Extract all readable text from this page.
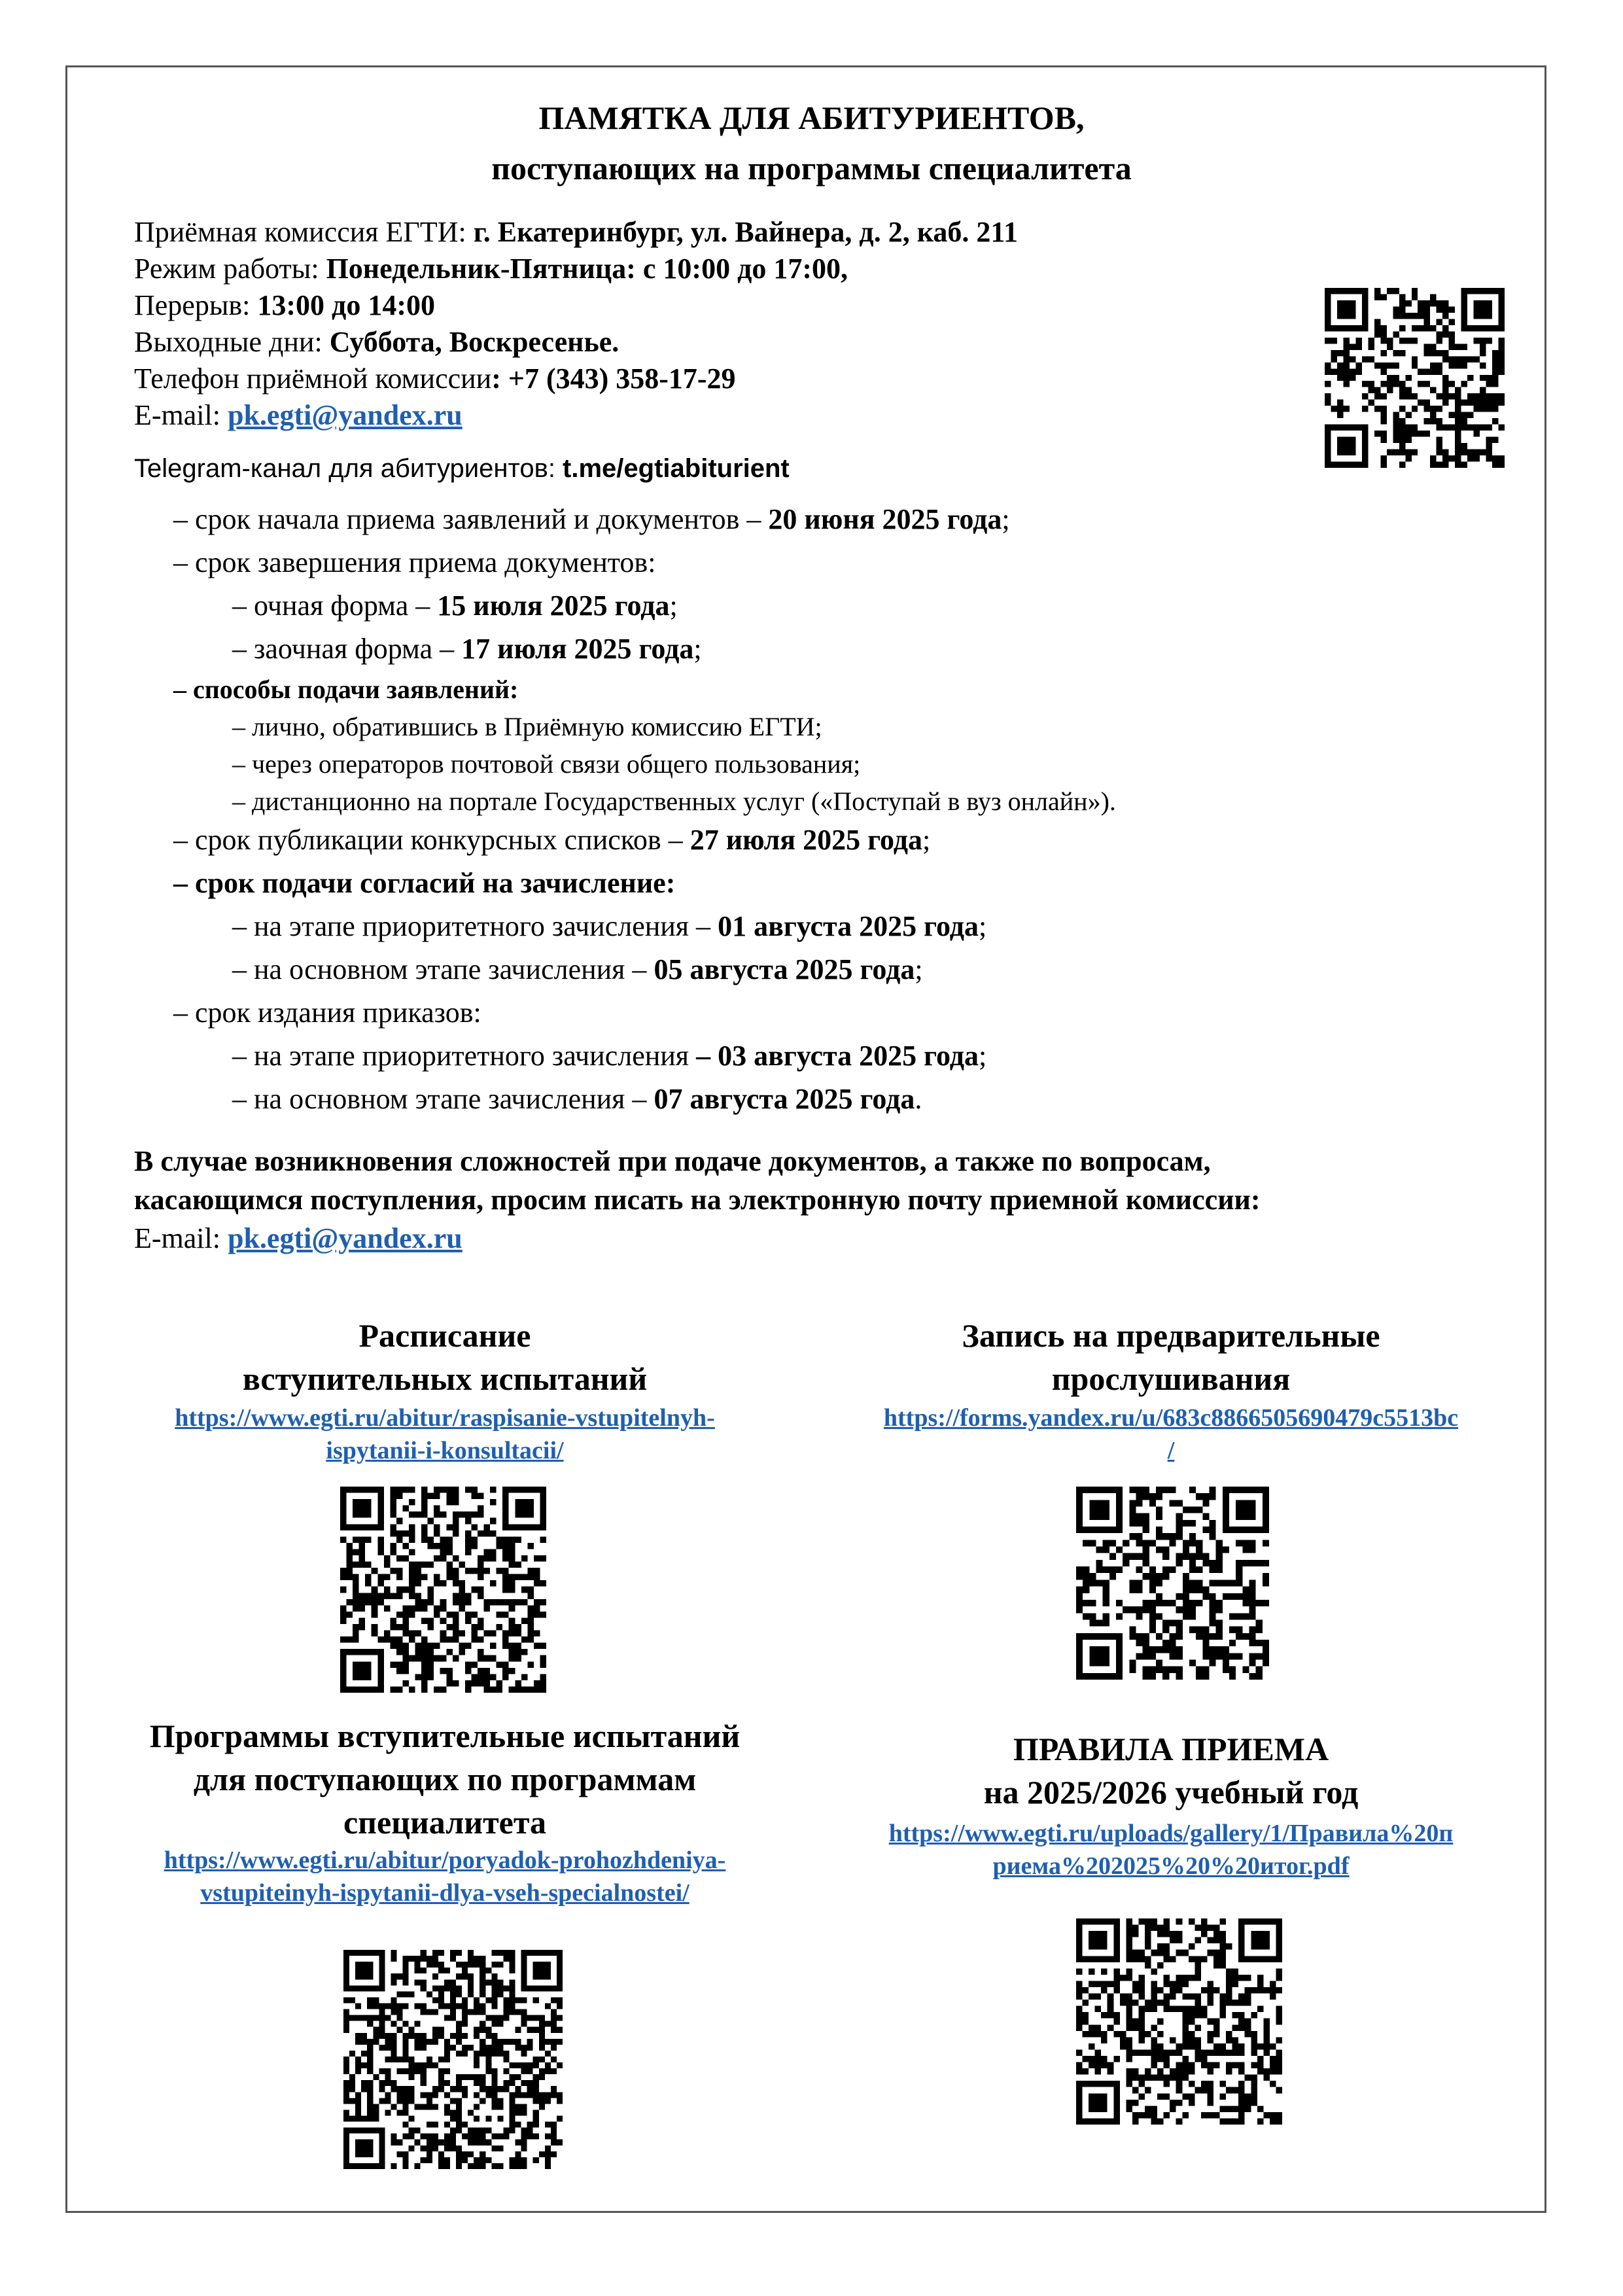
ПАМЯТКА ДЛЯ АБИТУРИЕНТОВ,
поступающих на программы специалитета
Приёмная комиссия ЕГТИ: г. Екатеринбург, ул. Вайнера, д. 2, каб. 211
Режим работы: Понедельник-Пятница: с 10:00 до 17:00,
Перерыв: 13:00 до 14:00
Выходные дни: Суббота, Воскресенье.
Телефон приёмной комиссии: +7 (343) 358-17-29
E-mail: pk.egti@yandex.ru
Telegram-канал для абитуриентов: t.me/egtiabiturient
– срок начала приема заявлений и документов – 20 июня 2025 года;
– срок завершения приема документов:
– очная форма – 15 июля 2025 года;
– заочная форма – 17 июля 2025 года;
– способы подачи заявлений:
– лично, обратившись в Приёмную комиссию ЕГТИ;
– через операторов почтовой связи общего пользования;
– дистанционно на портале Государственных услуг («Поступай в вуз онлайн»).
– срок публикации конкурсных списков – 27 июля 2025 года;
– срок подачи согласий на зачисление:
– на этапе приоритетного зачисления – 01 августа 2025 года;
– на основном этапе зачисления – 05 августа 2025 года;
– срок издания приказов:
– на этапе приоритетного зачисления – 03 августа 2025 года;
– на основном этапе зачисления – 07 августа 2025 года.
В случае возникновения сложностей при подаче документов, а также по вопросам,
касающимся поступления, просим писать на электронную почту приемной комиссии:
E-mail: pk.egti@yandex.ru
Расписание
вступительных испытаний
https://www.egti.ru/abitur/raspisanie-vstupitelnyh-
ispytanii-i-konsultacii/
Запись на предварительные
прослушивания
https://forms.yandex.ru/u/683c8866505690479c5513bc
/
Программы вступительные испытаний
для поступающих по программам
специалитета
https://www.egti.ru/abitur/poryadok-prohozhdeniya-
vstupiteinyh-ispytanii-dlya-vseh-specialnostei/
ПРАВИЛА ПРИЕМА
на 2025/2026 учебный год
https://www.egti.ru/uploads/gallery/1/Правила%20п
риема%202025%20%20итог.pdf
